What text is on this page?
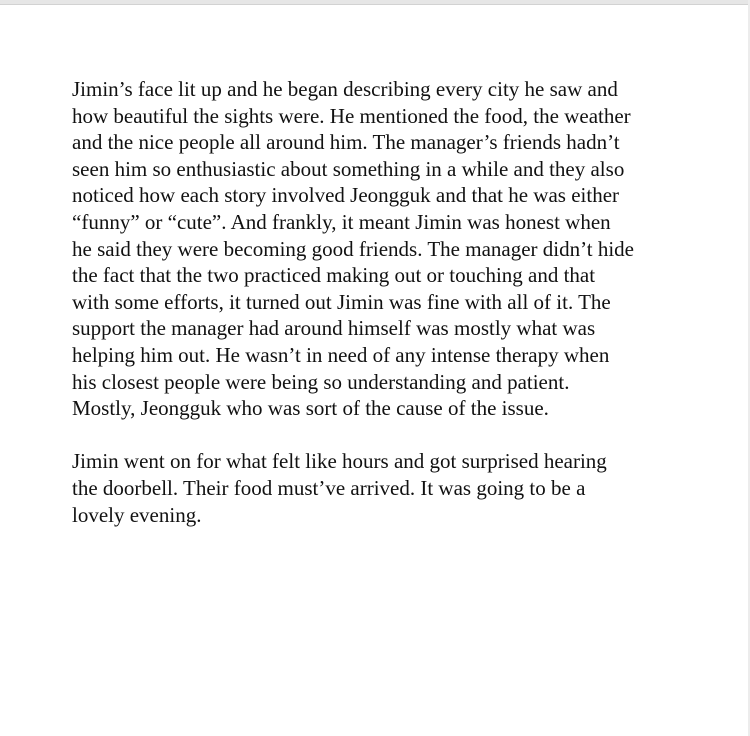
Jimin’s face lit up and he began describing every city he saw and
how beautiful the sights were. He mentioned the food, the weather
and the nice people all around him. The manager’s friends hadn’t
seen him so enthusiastic about something in a while and they also
noticed how each story involved Jeongguk and that he was either
“funny” or “cute”. And frankly, it meant Jimin was honest when
he said they were becoming good friends. The manager didn’t hide
the fact that the two practiced making out or touching and that
with some efforts, it turned out Jimin was fine with all of it. The
support the manager had around himself was mostly what was
helping him out. He wasn’t in need of any intense therapy when
his closest people were being so understanding and patient.
Mostly, Jeongguk who was sort of the cause of the issue.

Jimin went on for what felt like hours and got surprised hearing
the doorbell. Their food must’ve arrived. It was going to be a
lovely evening.
